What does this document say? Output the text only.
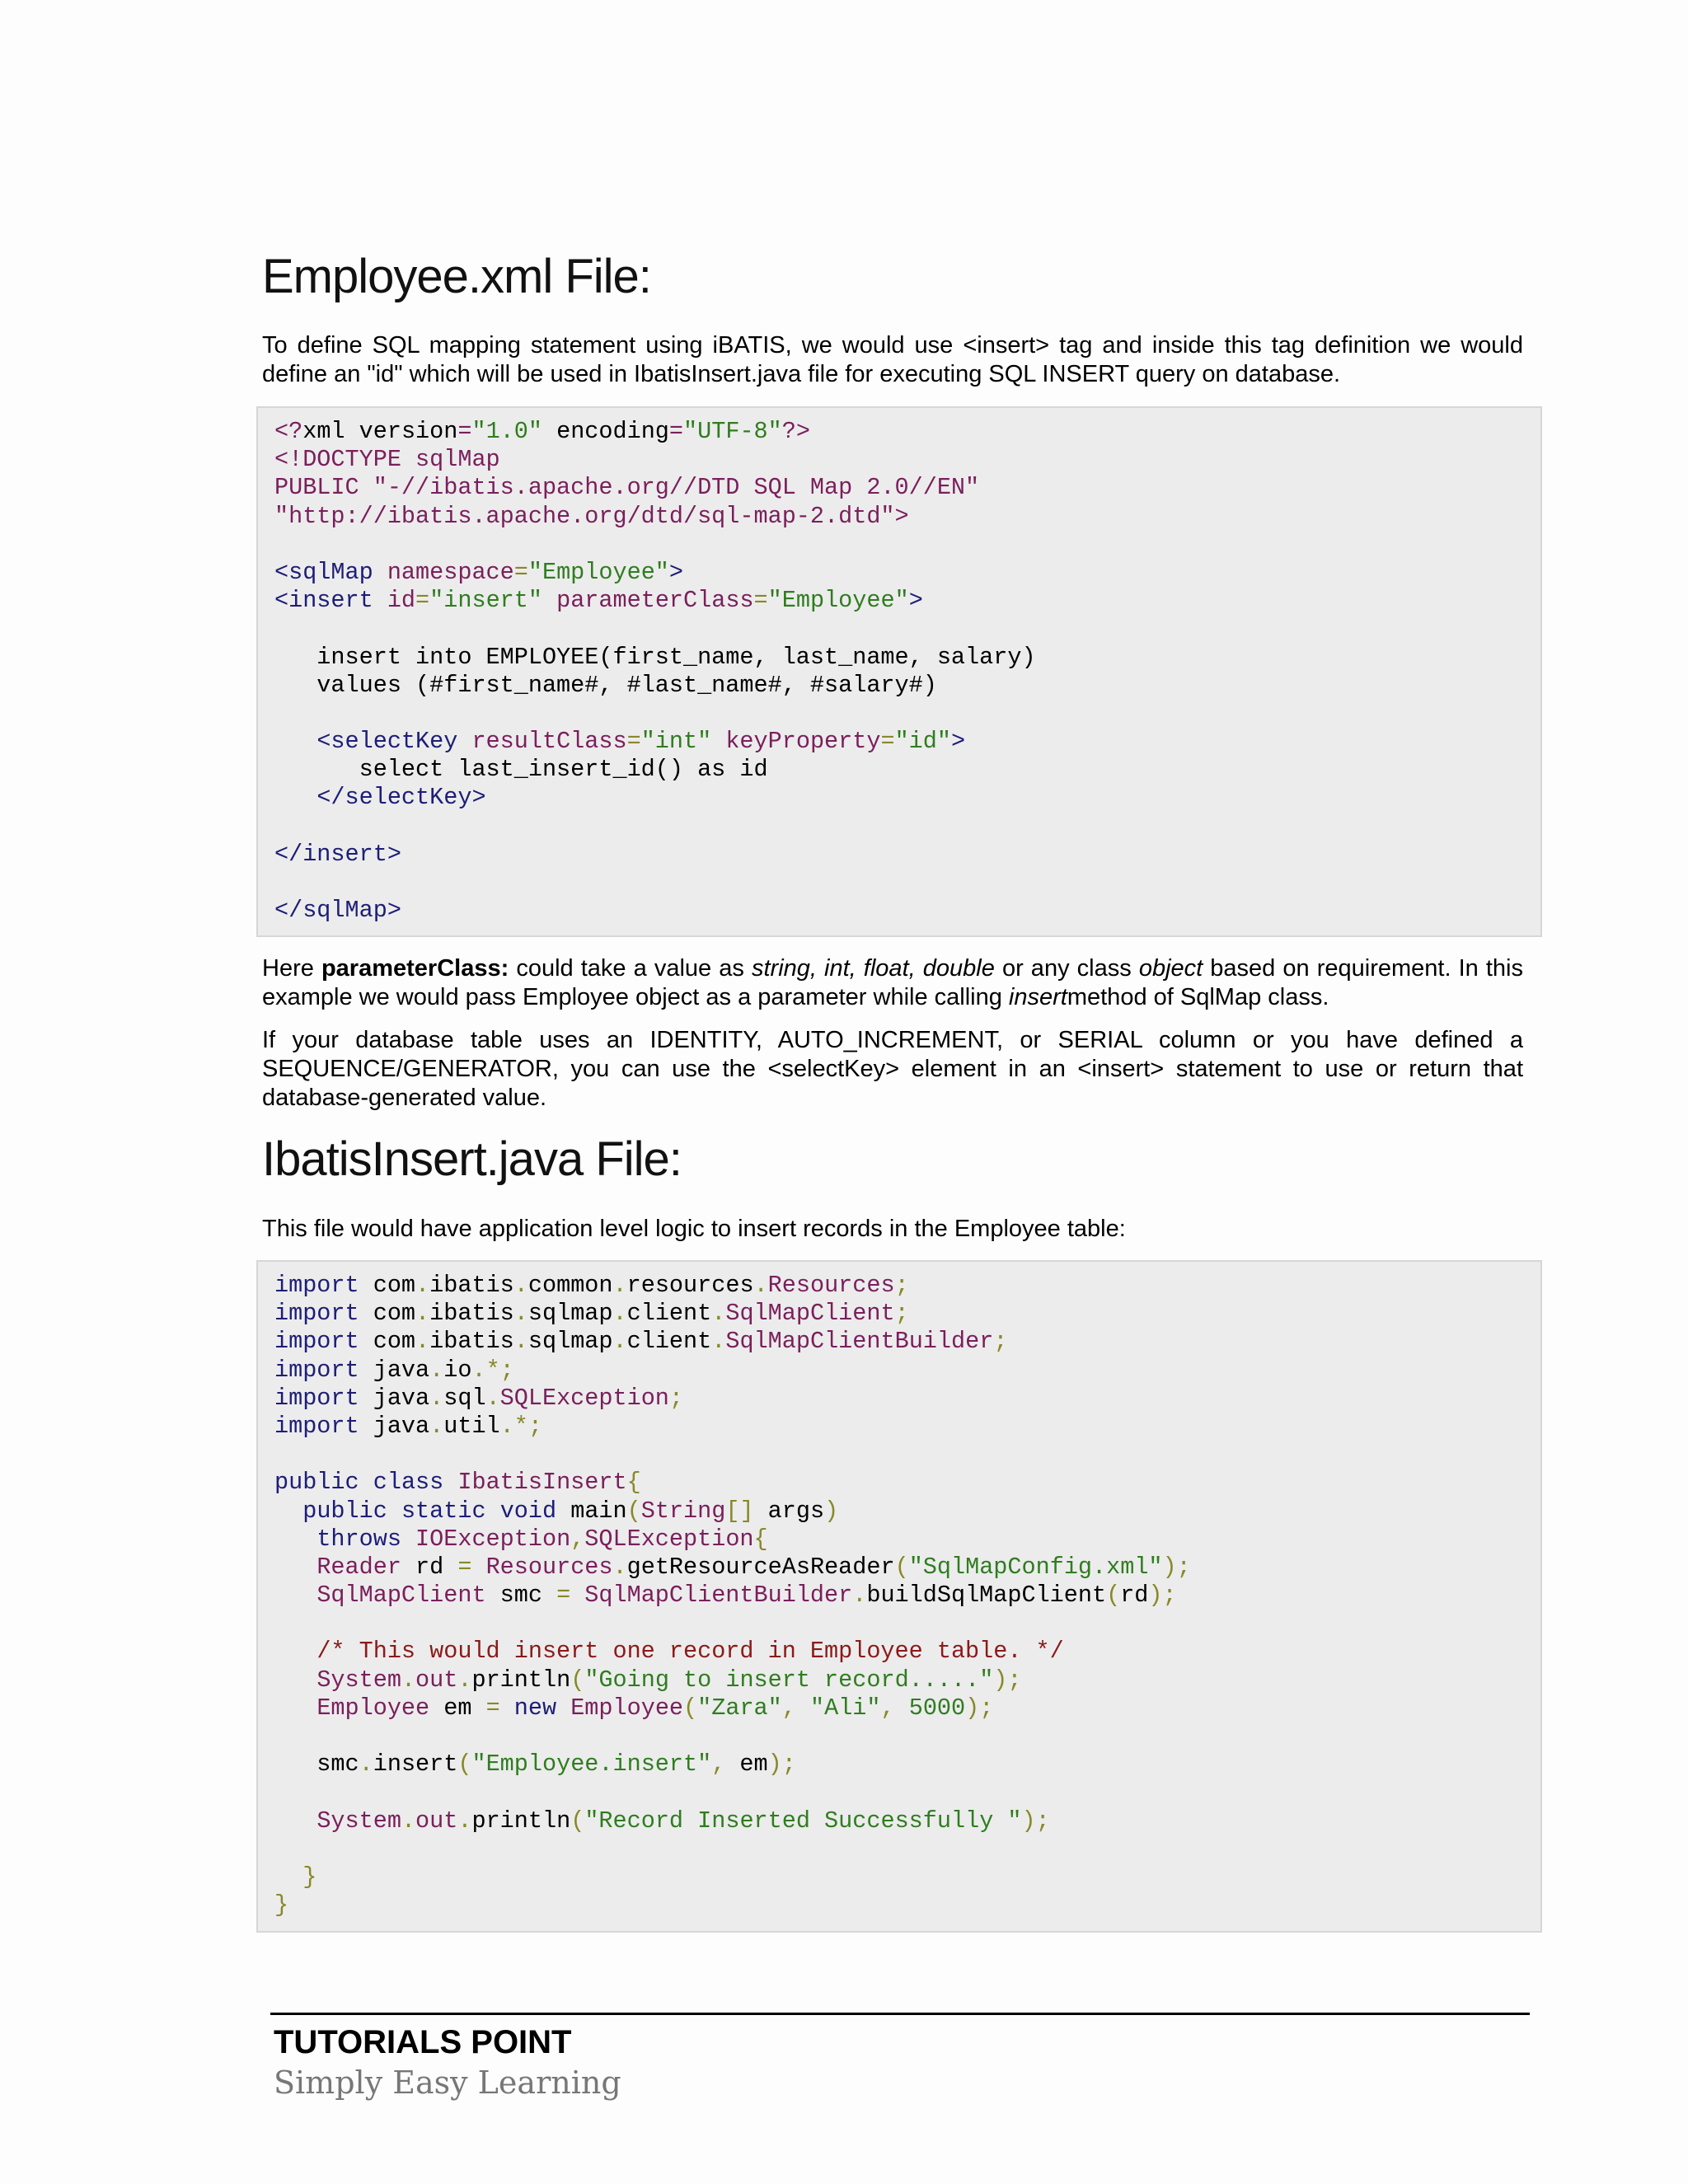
Employee.xml File:

To define SQL mapping statement using iBATIS, we would use <insert> tag and inside this tag definition we would define an "id" which will be used in IbatisInsert.java file for executing SQL INSERT query on database.

<?xml version="1.0" encoding="UTF-8"?>
<!DOCTYPE sqlMap
PUBLIC "-//ibatis.apache.org//DTD SQL Map 2.0//EN"
"http://ibatis.apache.org/dtd/sql-map-2.dtd">

<sqlMap namespace="Employee">
<insert id="insert" parameterClass="Employee">

insert into EMPLOYEE(first_name, last_name, salary)
values (#first_name#, #last_name#, #salary#)

<selectKey resultClass="int" keyProperty="id">
select last_insert_id() as id
</selectKey>

</insert>

</sqlMap>

Here parameterClass: could take a value as string, int, float, double or any class object based on requirement. In this example we would pass Employee object as a parameter while calling insertmethod of SqlMap class.

If your database table uses an IDENTITY, AUTO_INCREMENT, or SERIAL column or you have defined a SEQUENCE/GENERATOR, you can use the <selectKey> element in an <insert> statement to use or return that database-generated value.

IbatisInsert.java File:

This file would have application level logic to insert records in the Employee table:

import com.ibatis.common.resources.Resources;
import com.ibatis.sqlmap.client.SqlMapClient;
import com.ibatis.sqlmap.client.SqlMapClientBuilder;
import java.io.*;
import java.sql.SQLException;
import java.util.*;

public class IbatisInsert{
public static void main(String[] args)
throws IOException,SQLException{
Reader rd = Resources.getResourceAsReader("SqlMapConfig.xml");
SqlMapClient smc = SqlMapClientBuilder.buildSqlMapClient(rd);

/* This would insert one record in Employee table. */
System.out.println("Going to insert record.....");
Employee em = new Employee("Zara", "Ali", 5000);

smc.insert("Employee.insert", em);

System.out.println("Record Inserted Successfully ");

}
}
TUTORIALS POINT
Simply Easy Learning
